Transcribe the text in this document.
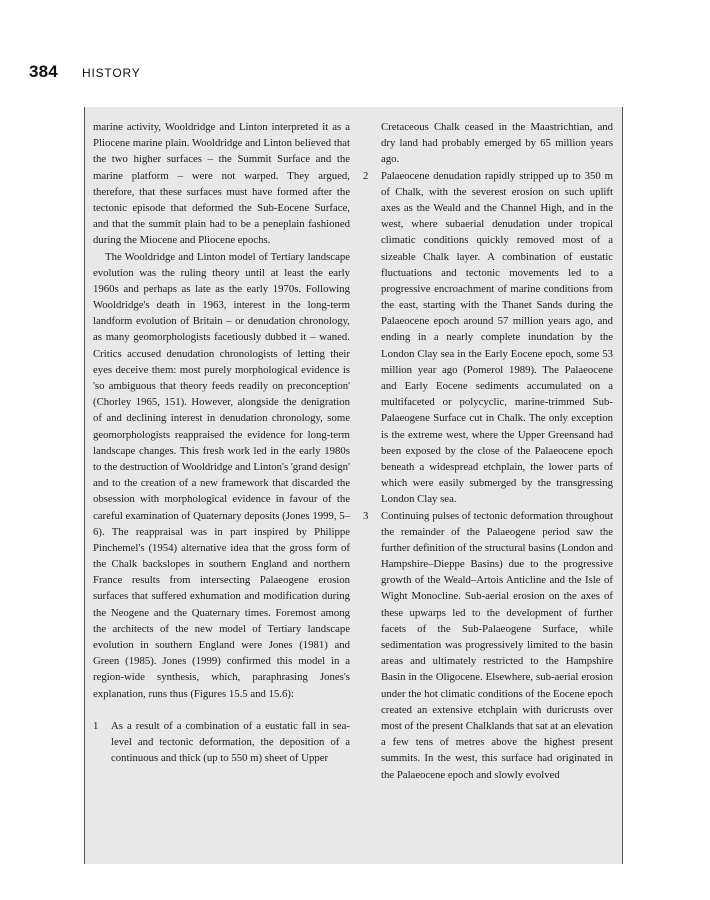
384 HISTORY

marine activity, Wooldridge and Linton interpreted it as a Pliocene marine plain. Wooldridge and Linton believed that the two higher surfaces – the Summit Surface and the marine platform – were not warped. They argued, therefore, that these surfaces must have formed after the tectonic episode that deformed the Sub-Eocene Surface, and that the summit plain had to be a peneplain fashioned during the Miocene and Pliocene epochs.

The Wooldridge and Linton model of Tertiary landscape evolution was the ruling theory until at least the early 1960s and perhaps as late as the early 1970s. Following Wooldridge's death in 1963, interest in the long-term landform evolution of Britain – or denudation chronology, as many geomorphologists facetiously dubbed it – waned. Critics accused denudation chronologists of letting their eyes deceive them: most purely morphological evidence is 'so ambiguous that theory feeds readily on preconception' (Chorley 1965, 151). However, alongside the denigration of and declining interest in denudation chronology, some geomorphologists reappraised the evidence for long-term landscape changes. This fresh work led in the early 1980s to the destruction of Wooldridge and Linton's 'grand design' and to the creation of a new framework that discarded the obsession with morphological evidence in favour of the careful examination of Quaternary deposits (Jones 1999, 5–6). The reappraisal was in part inspired by Philippe Pinchemel's (1954) alternative idea that the gross form of the Chalk backslopes in southern England and northern France results from intersecting Palaeogene erosion surfaces that suffered exhumation and modification during the Neogene and the Quaternary times. Foremost among the architects of the new model of Tertiary landscape evolution in southern England were Jones (1981) and Green (1985). Jones (1999) confirmed this model in a region-wide synthesis, which, paraphrasing Jones's explanation, runs thus (Figures 15.5 and 15.6):

1 As a result of a combination of a eustatic fall in sea-level and tectonic deformation, the deposition of a continuous and thick (up to 550 m) sheet of Upper
Cretaceous Chalk ceased in the Maastrichtian, and dry land had probably emerged by 65 million years ago.
2 Palaeocene denudation rapidly stripped up to 350 m of Chalk, with the severest erosion on such uplift axes as the Weald and the Channel High, and in the west, where subaerial denudation under tropical climatic conditions quickly removed most of a sizeable Chalk layer. A combination of eustatic fluctuations and tectonic movements led to a progressive encroachment of marine conditions from the east, starting with the Thanet Sands during the Palaeocene epoch around 57 million years ago, and ending in a nearly complete inundation by the London Clay sea in the Early Eocene epoch, some 53 million year ago (Pomerol 1989). The Palaeocene and Early Eocene sediments accumulated on a multifaceted or polycyclic, marine-trimmed Sub-Palaeogene Surface cut in Chalk. The only exception is the extreme west, where the Upper Greensand had been exposed by the close of the Palaeocene epoch beneath a widespread etchplain, the lower parts of which were easily submerged by the transgressing London Clay sea.
3 Continuing pulses of tectonic deformation throughout the remainder of the Palaeogene period saw the further definition of the structural basins (London and Hampshire–Dieppe Basins) due to the progressive growth of the Weald–Artois Anticline and the Isle of Wight Monocline. Sub-aerial erosion on the axes of these upwarps led to the development of further facets of the Sub-Palaeogene Surface, while sedimentation was progressively limited to the basin areas and ultimately restricted to the Hampshire Basin in the Oligocene. Elsewhere, sub-aerial erosion under the hot climatic conditions of the Eocene epoch created an extensive etchplain with duricrusts over most of the present Chalklands that sat at an elevation a few tens of metres above the highest present summits. In the west, this surface had originated in the Palaeocene epoch and slowly evolved
